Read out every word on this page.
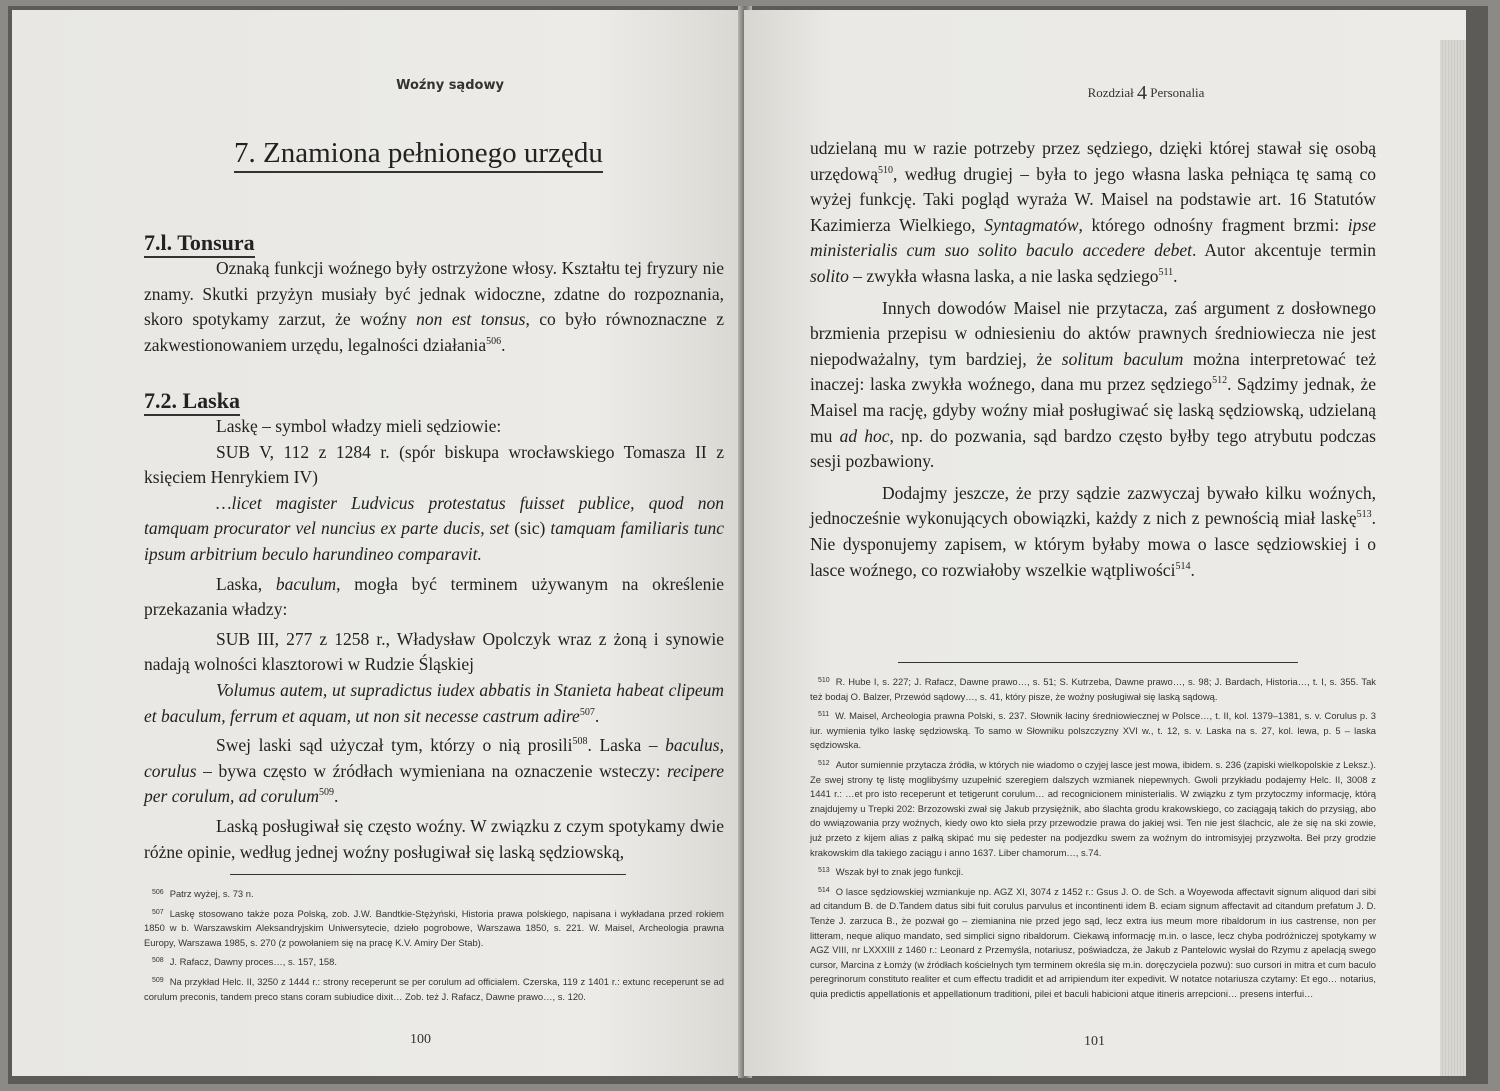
Woźny sądowy
7. Znamiona pełnionego urzędu
7.l. Tonsura

Oznaką funkcji woźnego były ostrzyżone włosy. Kształtu tej fryzury nie znamy. Skutki przyżyn musiały być jednak widoczne, zdatne do rozpoznania, skoro spotykamy zarzut, że woźny non est tonsus, co było równoznaczne z zakwestionowaniem urzędu, legalności działania$^{506}$.

7.2. Laska

Laskę – symbol władzy mieli sędziowie:

SUB V, 112 z 1284 r. (spór biskupa wrocławskiego Tomasza II z księciem Henrykiem IV)

…licet magister Ludvicus protestatus fuisset publice, quod non tamquam procurator vel nuncius ex parte ducis, set (sic) tamquam familiaris tunc ipsum arbitrium beculo harundineo comparavit.

Laska, baculum, mogła być terminem używanym na określenie przekazania władzy:

SUB III, 277 z 1258 r., Władysław Opolczyk wraz z żoną i synowie nadają wolności klasztorowi w Rudzie Śląskiej

Volumus autem, ut supradictus iudex abbatis in Stanieta habeat clipeum et baculum, ferrum et aquam, ut non sit necesse castrum adire$^{507}$.

Swej laski sąd użyczał tym, którzy o nią prosili$^{508}$. Laska – baculus, corulus – bywa często w źródłach wymieniana na oznaczenie wsteczy: recipere per corulum, ad corulum$^{509}$.

Laską posługiwał się często woźny. W związku z czym spotykamy dwie różne opinie, według jednej woźny posługiwał się laską sędziowską,

$^{506}$ Patrz wyżej, s. 73 n.

$^{507}$ Laskę stosowano także poza Polską, zob. J.W. Bandtkie-Stężyński, Historia prawa polskiego, napisana i wykładana przed rokiem 1850 w b. Warszawskim Aleksandryjskim Uniwersytecie, dzieło pogrobowe, Warszawa 1850, s. 221. W. Maisel, Archeologia prawna Europy, Warszawa 1985, s. 270 (z powołaniem się na pracę K.V. Amiry Der Stab).

$^{508}$ J. Rafacz, Dawny proces…, s. 157, 158.

$^{509}$ Na przykład Helc. II, 3250 z 1444 r.: strony receperunt se per corulum ad officialem. Czerska, 119 z 1401 r.: extunc receperunt se ad corulum preconis, tandem preco stans coram subiudice dixit… Zob. też J. Rafacz, Dawne prawo…, s. 120.

100
Rozdział 4 Personalia

udzielaną mu w razie potrzeby przez sędziego, dzięki której stawał się osobą urzędową$^{510}$, według drugiej – była to jego własna laska pełniąca tę samą co wyżej funkcję. Taki pogląd wyraża W. Maisel na podstawie art. 16 Statutów Kazimierza Wielkiego, Syntagmatów, którego odnośny fragment brzmi: ipse ministerialis cum suo solito baculo accedere debet. Autor akcentuje termin solito – zwykła własna laska, a nie laska sędziego$^{511}$.

Innych dowodów Maisel nie przytacza, zaś argument z dosłownego brzmienia przepisu w odniesieniu do aktów prawnych średniowiecza nie jest niepodważalny, tym bardziej, że solitum baculum można interpretować też inaczej: laska zwykła woźnego, dana mu przez sędziego$^{512}$. Sądzimy jednak, że Maisel ma rację, gdyby woźny miał posługiwać się laską sędziowską, udzielaną mu ad hoc, np. do pozwania, sąd bardzo często byłby tego atrybutu podczas sesji pozbawiony.

Dodajmy jeszcze, że przy sądzie zazwyczaj bywało kilku woźnych, jednocześnie wykonujących obowiązki, każdy z nich z pewnością miał laskę$^{513}$. Nie dysponujemy zapisem, w którym byłaby mowa o lasce sędziowskiej i o lasce woźnego, co rozwiałoby wszelkie wątpliwości$^{514}$.

$^{510}$ R. Hube I, s. 227; J. Rafacz, Dawne prawo…, s. 51; S. Kutrzeba, Dawne prawo…, s. 98; J. Bardach, Historia…, t. I, s. 355. Tak też bodaj O. Balzer, Przewód sądowy…, s. 41, który pisze, że woźny posługiwał się laską sądową.

$^{511}$ W. Maisel, Archeologia prawna Polski, s. 237. Słownik łaciny średniowiecznej w Polsce…, t. II, kol. 1379–1381, s. v. Corulus p. 3 iur. wymienia tylko laskę sędziowską. To samo w Słowniku polszczyzny XVI w., t. 12, s. v. Laska na s. 27, kol. lewa, p. 5 – laska sędziowska.

$^{512}$ Autor sumiennie przytacza źródła, w których nie wiadomo o czyjej lasce jest mowa, ibidem. s. 236 (zapiski wielkopolskie z Leksz.). Ze swej strony tę listę moglibyśmy uzupełnić szeregiem dalszych wzmianek niepewnych. Gwoli przykładu podajemy Helc. II, 3008 z 1441 r.: …et pro isto receperunt et tetigerunt corulum… ad recognicionem ministerialis. W związku z tym przytoczmy informację, którą znajdujemy u Trepki 202: Brzozowski zwał się Jakub przysiężnik, abo ślachta grodu krakowskiego, co zaciągają takich do przysiąg, abo do wwiązowania przy woźnych, kiedy owo kto sieła przy przewodzie prawa do jakiej wsi. Ten nie jest ślachcic, ale że się na ski zowie, już przeto z kijem alias z pałką skipać mu się pedester na podjezdku swem za woźnym do intromisyjej przyzwołta. Beł przy grodzie krakowskim dla takiego zaciągu i anno 1637. Liber chamorum…, s.74.

$^{513}$ Wszak był to znak jego funkcji.

$^{514}$ O lasce sędziowskiej wzmiankuje np. AGZ XI, 3074 z 1452 r.: Gsus J. O. de Sch. a Woyewoda affectavit signum aliquod dari sibi ad citandum B. de D.Tandem datus sibi fuit corulus parvulus et incontinenti idem B. eciam signum affectavit ad citandum prefatum J. D. Tenże J. zarzuca B., że pozwał go – ziemianina nie przed jego sąd, lecz extra ius meum more ribaldorum in ius castrense, non per litteram, neque aliquo mandato, sed simplici signo ribaldorum. Ciekawą informację m.in. o lasce, lecz chyba podróżniczej spotykamy w AGZ VIII, nr LXXXIII z 1460 r.: Leonard z Przemyśla, notariusz, poświadcza, że Jakub z Pantelowic wysłał do Rzymu z apelacją swego cursor, Marcina z Łomży (w źródłach kościelnych tym terminem określa się m.in. doręczyciela pozwu): suo cursori in mitra et cum baculo peregrinorum constituto realiter et cum effectu tradidit et ad arripiendum iter expedivit. W notatce notariusza czytamy: Et ego… notarius, quia predictis appellationis et appellationum traditioni, pilei et baculi habicioni atque itineris arrepcioni… presens interfui…

101
